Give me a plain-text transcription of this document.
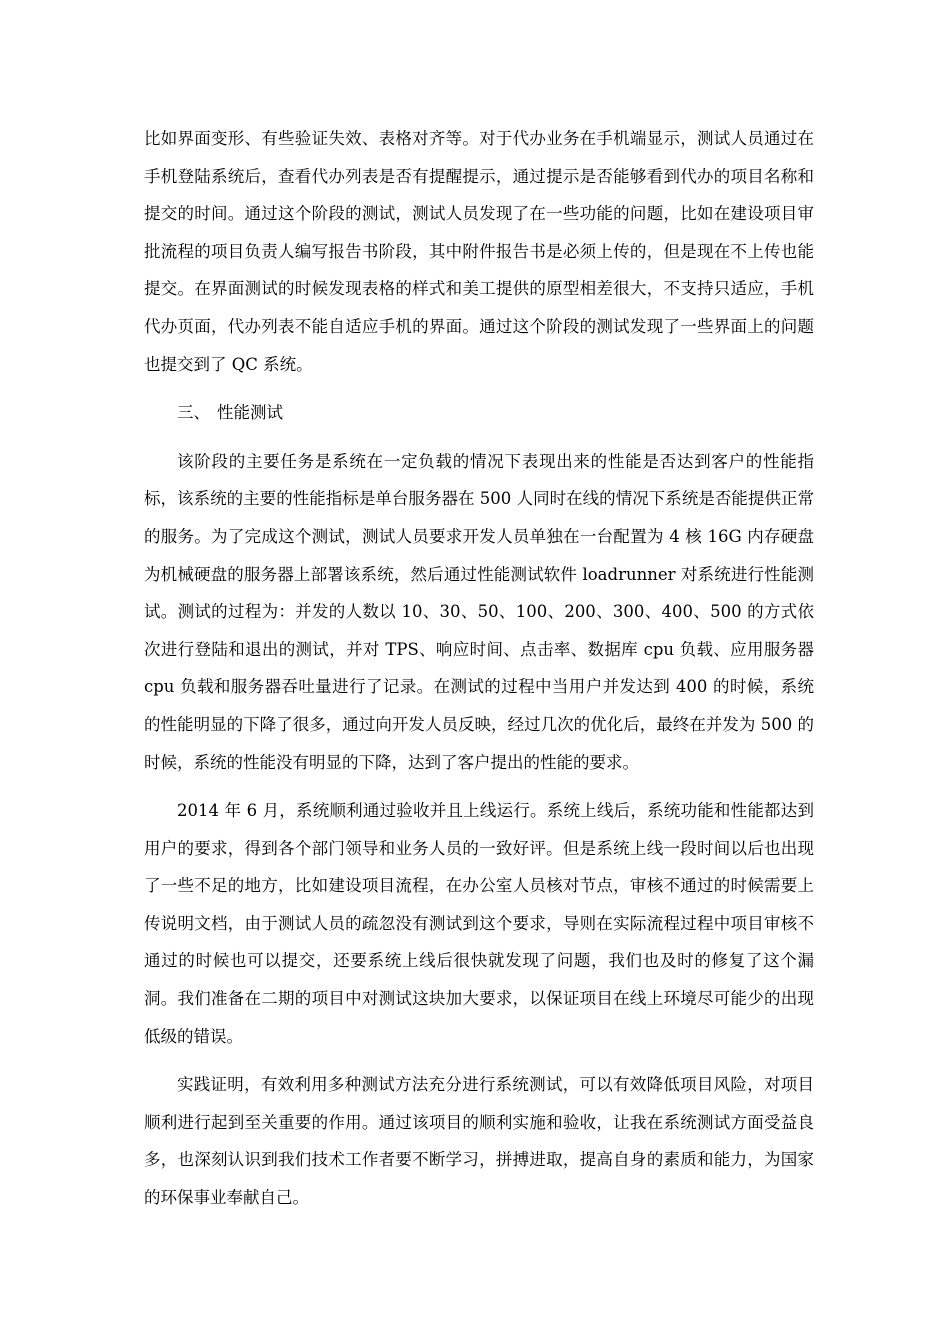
比如界面变形、有些验证失效、表格对齐等。对于代办业务在手机端显示，测试人员通过在手机登陆系统后，查看代办列表是否有提醒提示，通过提示是否能够看到代办的项目名称和提交的时间。通过这个阶段的测试，测试人员发现了在一些功能的问题，比如在建设项目审批流程的项目负责人编写报告书阶段，其中附件报告书是必须上传的，但是现在不上传也能提交。在界面测试的时候发现表格的样式和美工提供的原型相差很大，不支持只适应，手机代办页面，代办列表不能自适应手机的界面。通过这个阶段的测试发现了一些界面上的问题也提交到了 QC 系统。

三、 性能测试

该阶段的主要任务是系统在一定负载的情况下表现出来的性能是否达到客户的性能指标，该系统的主要的性能指标是单台服务器在 500 人同时在线的情况下系统是否能提供正常的服务。为了完成这个测试，测试人员要求开发人员单独在一台配置为 4 核 16G 内存硬盘为机械硬盘的服务器上部署该系统，然后通过性能测试软件 loadrunner 对系统进行性能测试。测试的过程为：并发的人数以 10、30、50、100、200、300、400、500 的方式依次进行登陆和退出的测试，并对 TPS、响应时间、点击率、数据库 cpu 负载、应用服务器 cpu 负载和服务器吞吐量进行了记录。在测试的过程中当用户并发达到 400 的时候，系统的性能明显的下降了很多，通过向开发人员反映，经过几次的优化后，最终在并发为 500 的时候，系统的性能没有明显的下降，达到了客户提出的性能的要求。

2014 年 6 月，系统顺利通过验收并且上线运行。系统上线后，系统功能和性能都达到用户的要求，得到各个部门领导和业务人员的一致好评。但是系统上线一段时间以后也出现了一些不足的地方，比如建设项目流程，在办公室人员核对节点，审核不通过的时候需要上传说明文档，由于测试人员的疏忽没有测试到这个要求，导则在实际流程过程中项目审核不通过的时候也可以提交，还要系统上线后很快就发现了问题，我们也及时的修复了这个漏洞。我们准备在二期的项目中对测试这块加大要求，以保证项目在线上环境尽可能少的出现低级的错误。

实践证明，有效利用多种测试方法充分进行系统测试，可以有效降低项目风险，对项目顺利进行起到至关重要的作用。通过该项目的顺利实施和验收，让我在系统测试方面受益良多，也深刻认识到我们技术工作者要不断学习，拼搏进取，提高自身的素质和能力，为国家的环保事业奉献自己。
